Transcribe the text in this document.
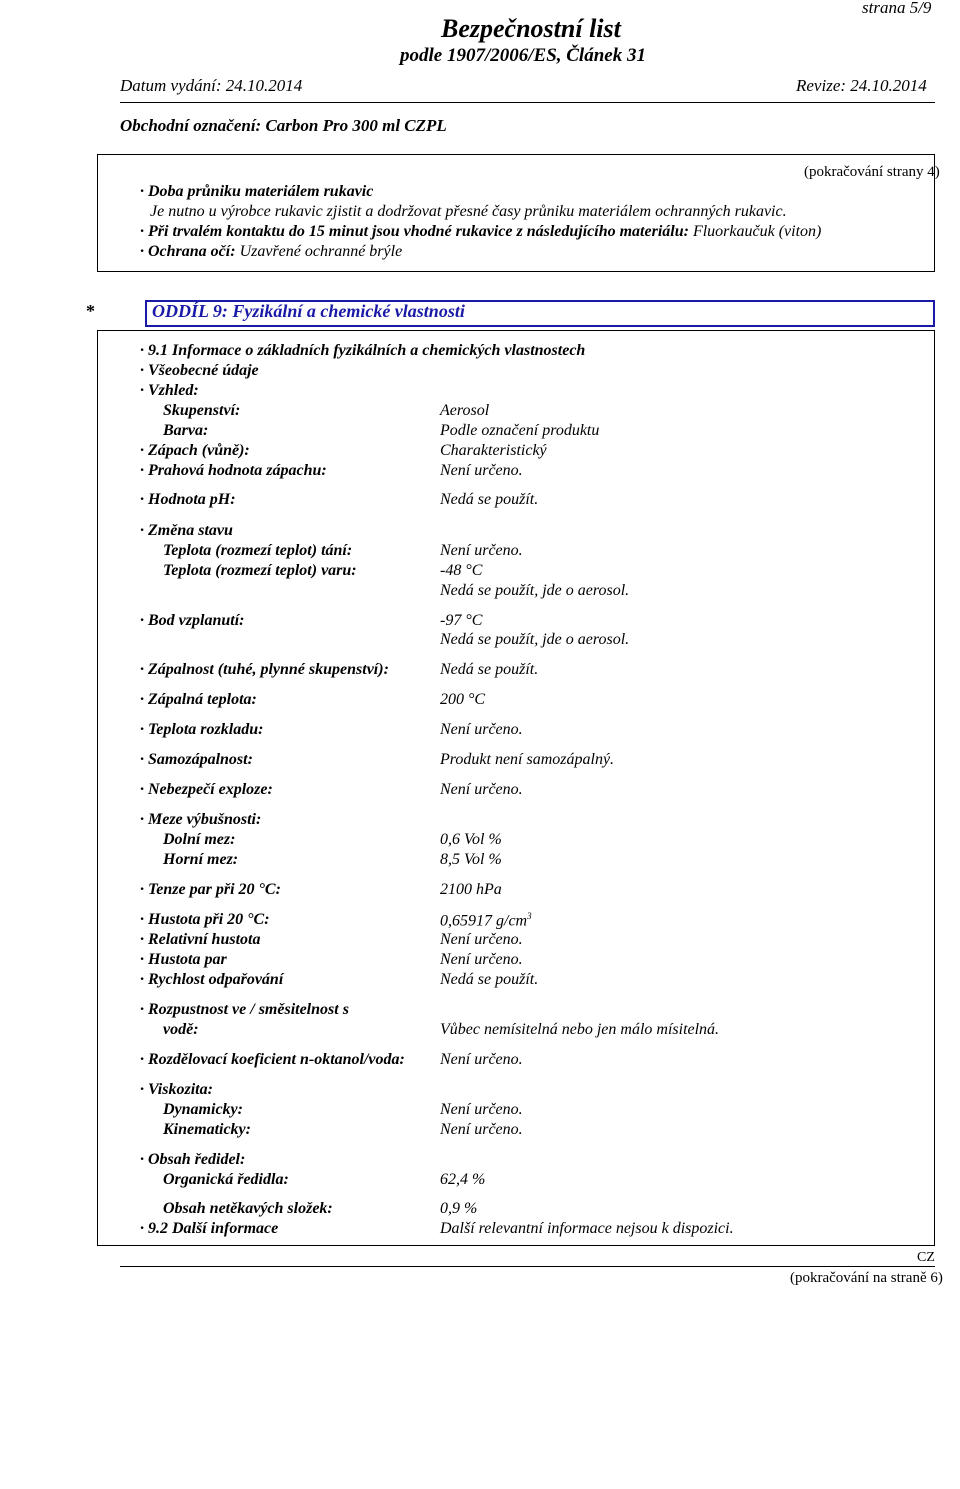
strana 5/9
Bezpečnostní list
podle 1907/2006/ES, Článek 31
Datum vydání: 24.10.2014	Revize: 24.10.2014
Obchodní označení: Carbon Pro 300 ml CZPL
(pokračování strany 4)
· Doba průniku materiálem rukavic
Je nutno u výrobce rukavic zjistit a dodržovat přesné časy průniku materiálem ochranných rukavic.
· Při trvalém kontaktu do 15 minut jsou vhodné rukavice z následujícího materiálu: Fluorkaučuk (viton)
· Ochrana očí: Uzavřené ochranné brýle
*	ODDÍL 9: Fyzikální a chemické vlastnosti
· 9.1 Informace o základních fyzikálních a chemických vlastnostech
· Všeobecné údaje
· Vzhled:
Skupenství:	Aerosol
Barva:	Podle označení produktu
· Zápach (vůně):	Charakteristický
· Prahová hodnota zápachu:	Není určeno.
· Hodnota pH:	Nedá se použít.
· Změna stavu
Teplota (rozmezí teplot) tání:	Není určeno.
Teplota (rozmezí teplot) varu:	-48 °C
Nedá se použít, jde o aerosol.
· Bod vzplanutí:	-97 °C
Nedá se použít, jde o aerosol.
· Zápalnost (tuhé, plynné skupenství):	Nedá se použít.
· Zápalná teplota:	200 °C
· Teplota rozkladu:	Není určeno.
· Samozápalnost:	Produkt není samozápalný.
· Nebezpečí exploze:	Není určeno.
· Meze výbušnosti:
Dolní mez:	0,6 Vol %
Horní mez:	8,5 Vol %
· Tenze par při 20 °C:	2100 hPa
· Hustota při 20 °C:	0,65917 $g/cm^3$
· Relativní hustota	Není určeno.
· Hustota par	Není určeno.
· Rychlost odpařování	Nedá se použít.
· Rozpustnost ve / směsitelnost s
vodě:	Vůbec nemísitelná nebo jen málo mísitelná.
· Rozdělovací koeficient n-oktanol/voda: Není určeno.
· Viskozita:
Dynamicky:	Není určeno.
Kinematicky:	Není určeno.
· Obsah ředidel:
Organická ředidla:	62,4 %
Obsah netěkavých složek:	0,9 %
· 9.2 Další informace	Další relevantní informace nejsou k dispozici.
CZ
(pokračování na straně 6)
